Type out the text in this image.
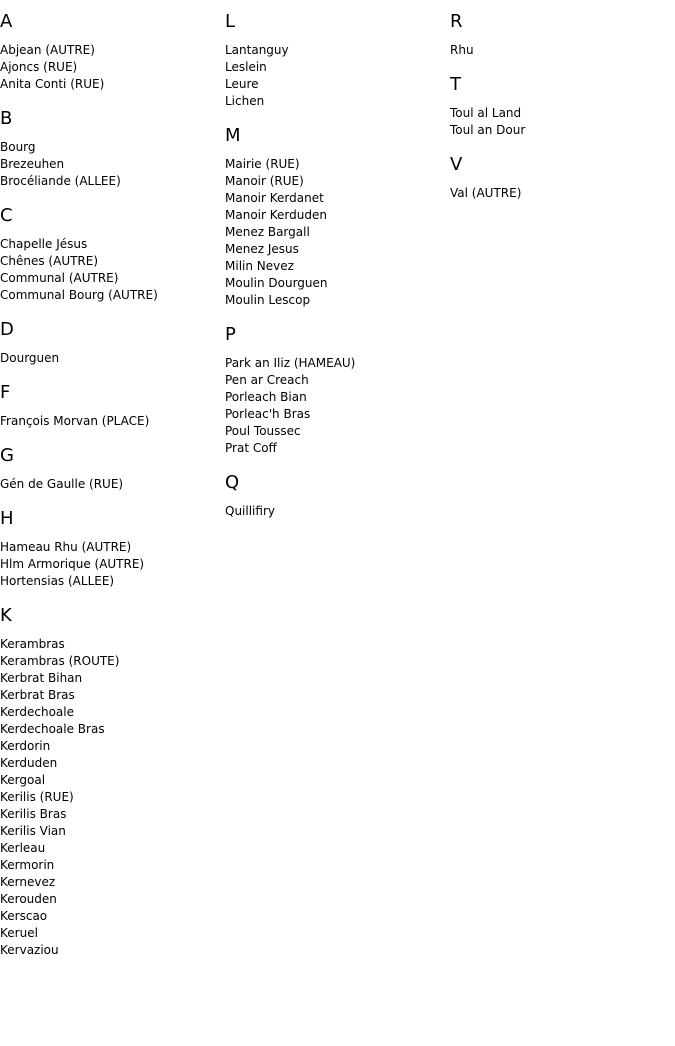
A
Abjean (AUTRE)
Ajoncs (RUE)
Anita Conti (RUE)
B
Bourg
Brezeuhen
Brocéliande (ALLEE)
C
Chapelle Jésus
Chênes (AUTRE)
Communal (AUTRE)
Communal Bourg (AUTRE)
D
Dourguen
F
François Morvan (PLACE)
G
Gén de Gaulle (RUE)
H
Hameau Rhu (AUTRE)
Hlm Armorique (AUTRE)
Hortensias (ALLEE)
K
Kerambras
Kerambras (ROUTE)
Kerbrat Bihan
Kerbrat Bras
Kerdechoale
Kerdechoale Bras
Kerdorin
Kerduden
Kergoal
Kerilis (RUE)
Kerilis Bras
Kerilis Vian
Kerleau
Kermorin
Kernevez
Kerouden
Kerscao
Keruel
Kervaziou
L
Lantanguy
Leslein
Leure
Lichen
M
Mairie (RUE)
Manoir (RUE)
Manoir Kerdanet
Manoir Kerduden
Menez Bargall
Menez Jesus
Milin Nevez
Moulin Dourguen
Moulin Lescop
P
Park an Iliz (HAMEAU)
Pen ar Creach
Porleach Bian
Porleac'h Bras
Poul Toussec
Prat Coff
Q
Quillifiry
R
Rhu
T
Toul al Land
Toul an Dour
V
Val (AUTRE)
